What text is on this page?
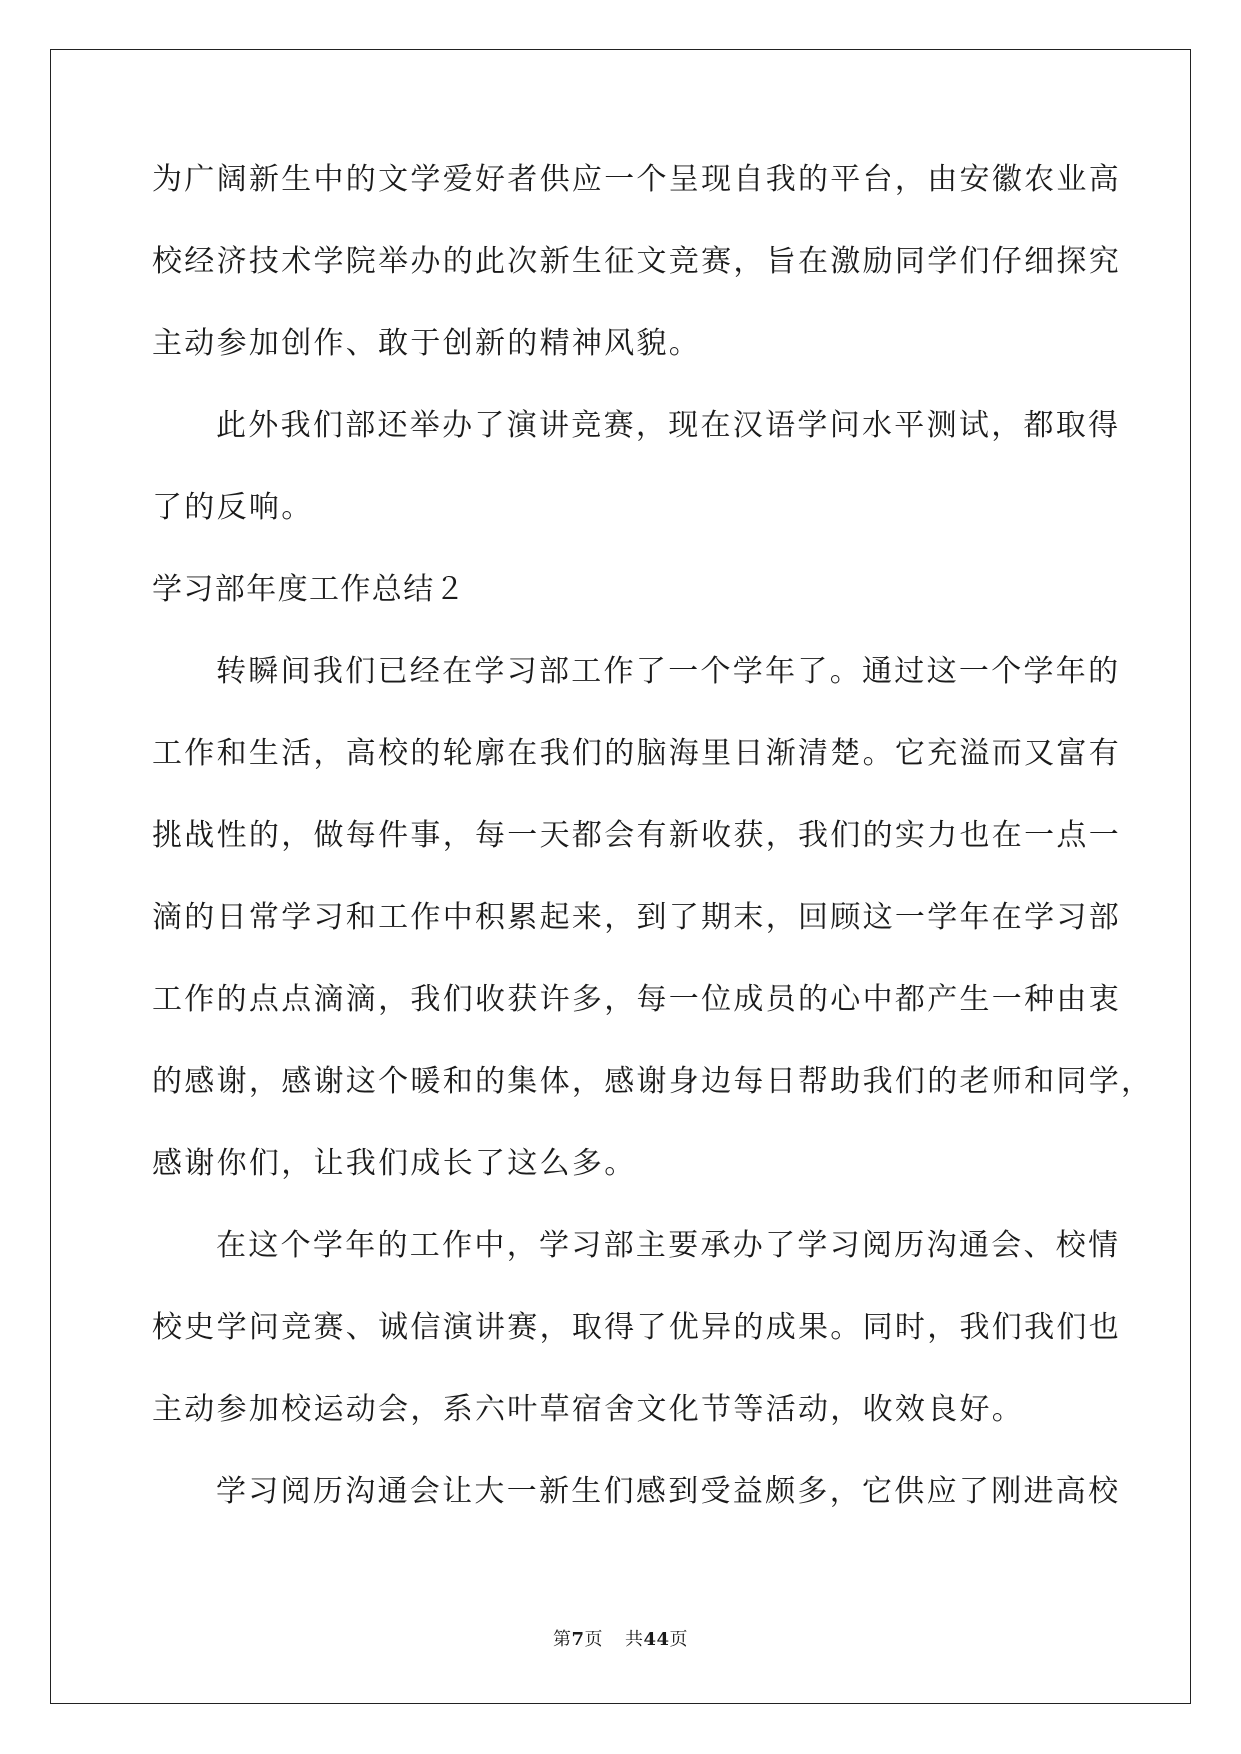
为广阔新生中的文学爱好者供应一个呈现自我的平台，由安徽农业高
校经济技术学院举办的此次新生征文竞赛，旨在激励同学们仔细探究
主动参加创作、敢于创新的精神风貌。
此外我们部还举办了演讲竞赛，现在汉语学问水平测试，都取得
了的反响。
学习部年度工作总结２
转瞬间我们已经在学习部工作了一个学年了。通过这一个学年的
工作和生活，高校的轮廓在我们的脑海里日渐清楚。它充溢而又富有
挑战性的，做每件事，每一天都会有新收获，我们的实力也在一点一
滴的日常学习和工作中积累起来，到了期末，回顾这一学年在学习部
工作的点点滴滴，我们收获许多，每一位成员的心中都产生一种由衷
的感谢，感谢这个暖和的集体，感谢身边每日帮助我们的老师和同学，
感谢你们，让我们成长了这么多。
在这个学年的工作中，学习部主要承办了学习阅历沟通会、校情
校史学问竞赛、诚信演讲赛，取得了优异的成果。同时，我们我们也
主动参加校运动会，系六叶草宿舍文化节等活动，收效良好。
学习阅历沟通会让大一新生们感到受益颇多，它供应了刚进高校
第7页 共44页
